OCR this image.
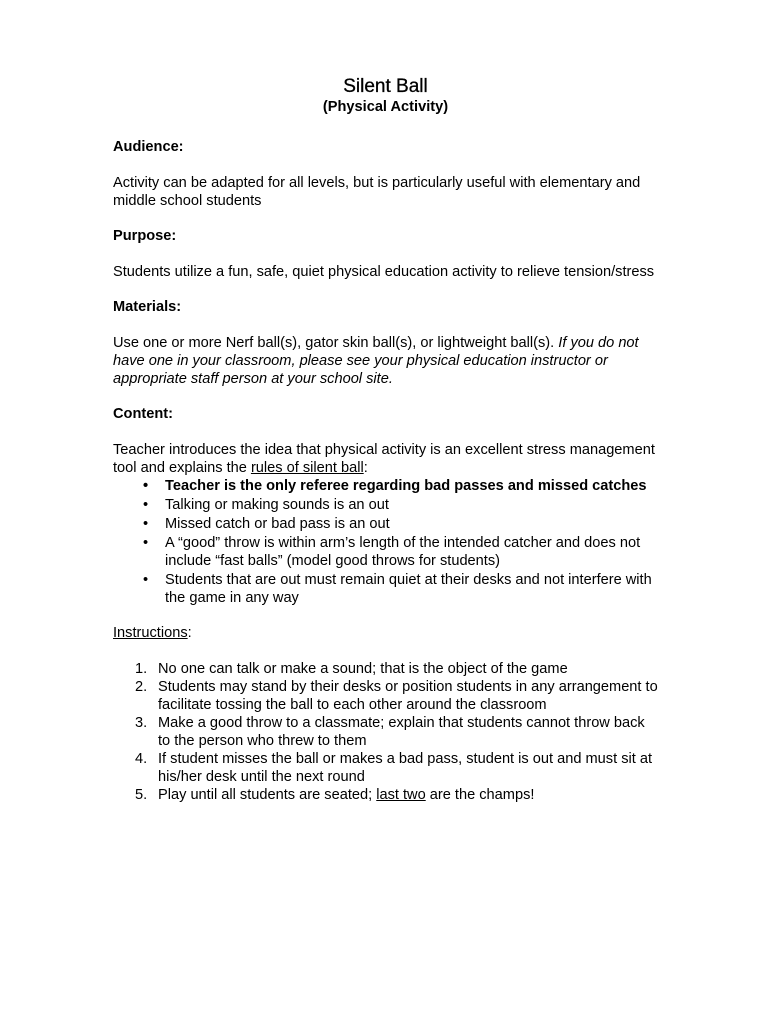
Silent Ball
(Physical Activity)
Audience:

Activity can be adapted for all levels, but is particularly useful with elementary and middle school students

Purpose:

Students utilize a fun, safe, quiet physical education activity to relieve tension/stress

Materials:

Use one or more Nerf ball(s), gator skin ball(s), or lightweight ball(s). If you do not have one in your classroom, please see your physical education instructor or appropriate staff person at your school site.

Content:
Teacher introduces the idea that physical activity is an excellent stress management tool and explains the rules of silent ball:
• Teacher is the only referee regarding bad passes and missed catches
• Talking or making sounds is an out
• Missed catch or bad pass is an out
• A “good” throw is within arm’s length of the intended catcher and does not include “fast balls” (model good throws for students)
• Students that are out must remain quiet at their desks and not interfere with the game in any way
Instructions:
1. No one can talk or make a sound; that is the object of the game
2. Students may stand by their desks or position students in any arrangement to facilitate tossing the ball to each other around the classroom
3. Make a good throw to a classmate; explain that students cannot throw back to the person who threw to them
4. If student misses the ball or makes a bad pass, student is out and must sit at his/her desk until the next round
5. Play until all students are seated; last two are the champs!
